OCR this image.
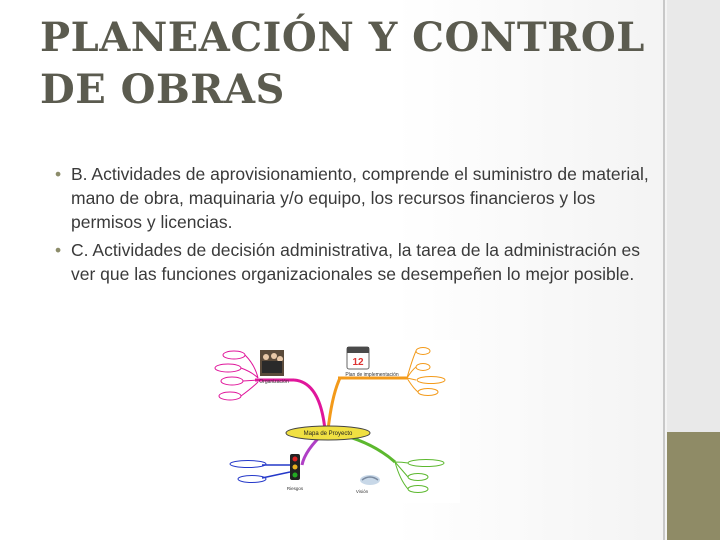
PLANEACIÓN Y CONTROL DE OBRAS
• B. Actividades de aprovisionamiento, comprende el suministro de material, mano de obra, maquinaria y/o equipo, los recursos financieros y los permisos y licencias.
• C. Actividades de decisión administrativa, la tarea de la administración es ver que las funciones organizacionales se desempeñen lo mejor posible.
Organización
12
Plan de implementación
Mapa de Proyecto
Riesgos
Visión
